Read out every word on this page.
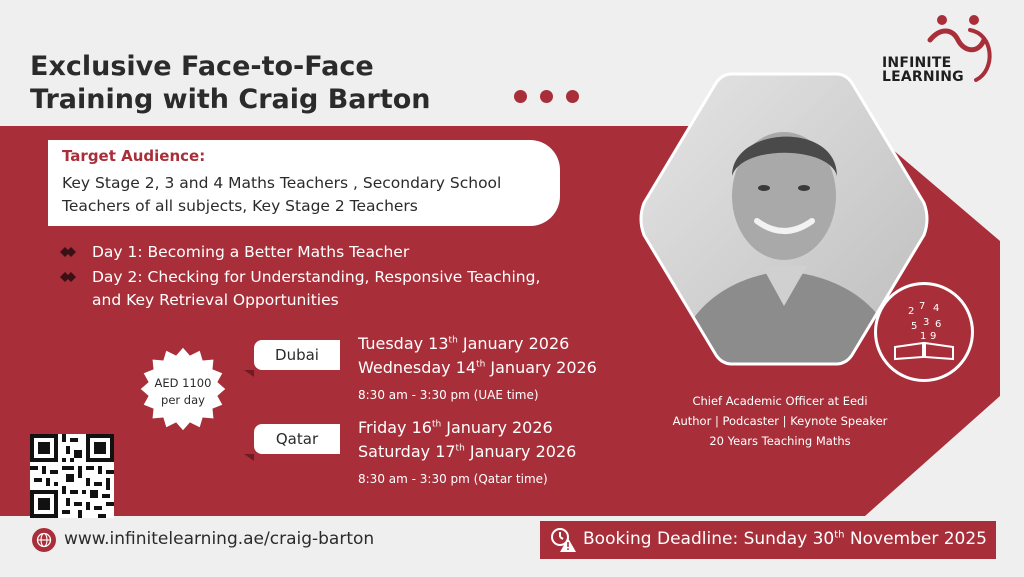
Exclusive Face-to-Face
Training with Craig Barton
INFINITE
LEARNING
Target Audience:
Key Stage 2, 3 and 4 Maths Teachers , Secondary School Teachers of all subjects, Key Stage 2 Teachers
Day 1: Becoming a Better Maths Teacher
Day 2: Checking for Understanding, Responsive Teaching, and Key Retrieval Opportunities
AED 1100
per day
Dubai
Tuesday 13th January 2026
Wednesday 14th January 2026
8:30 am - 3:30 pm (UAE time)
Qatar
Friday 16th January 2026
Saturday 17th January 2026
8:30 am - 3:30 pm (Qatar time)
2 7 4
5 3 6
1 9
Chief Academic Officer at Eedi
Author | Podcaster | Keynote Speaker
20 Years Teaching Maths
www.infinitelearning.ae/craig-barton	Booking Deadline: Sunday 30th November 2025
